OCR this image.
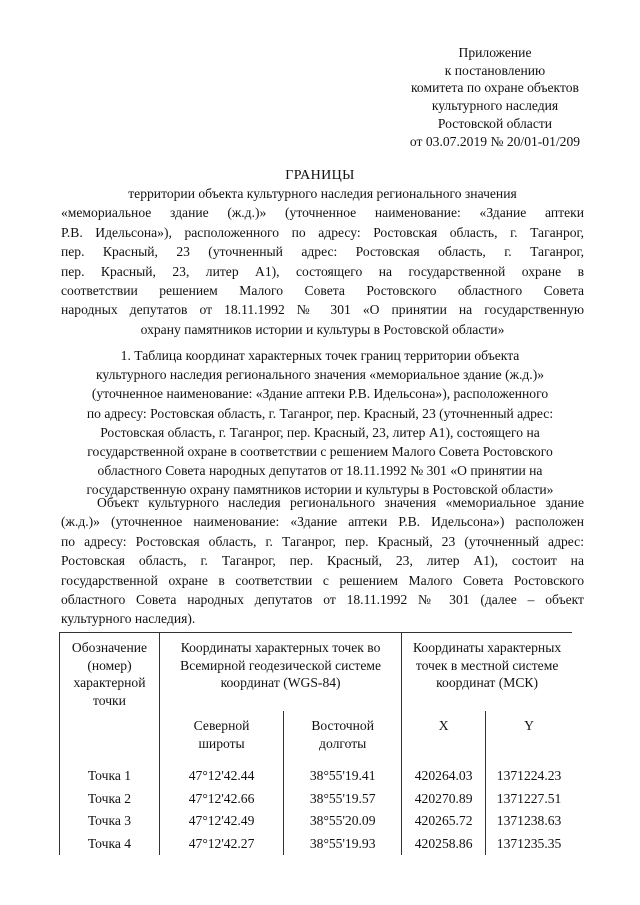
Приложение
к постановлению
комитета по охране объектов
культурного наследия
Ростовской области
от 03.07.2019 № 20/01-01/209
ГРАНИЦЫ
территории объекта культурного наследия регионального значения
«мемориальное здание (ж.д.)» (уточненное наименование: «Здание аптеки
Р.В. Идельсона»), расположенного по адресу: Ростовская область, г. Таганрог,
пер. Красный, 23 (уточненный адрес: Ростовская область, г. Таганрог,
пер. Красный, 23, литер А1), состоящего на государственной охране в
соответствии решением Малого Совета Ростовского областного Совета
народных депутатов от 18.11.1992 № 301 «О принятии на государственную
охрану памятников истории и культуры в Ростовской области»
1. Таблица координат характерных точек границ территории объекта
культурного наследия регионального значения «мемориальное здание (ж.д.)»
(уточненное наименование: «Здание аптеки Р.В. Идельсона»), расположенного
по адресу: Ростовская область, г. Таганрог, пер. Красный, 23 (уточненный адрес:
Ростовская область, г. Таганрог, пер. Красный, 23, литер А1), состоящего на
государственной охране в соответствии с решением Малого Совета Ростовского
областного Совета народных депутатов от 18.11.1992 № 301 «О принятии на
государственную охрану памятников истории и культуры в Ростовской области»
Объект культурного наследия регионального значения «мемориальное здание
(ж.д.)» (уточненное наименование: «Здание аптеки Р.В. Идельсона») расположен
по адресу: Ростовская область, г. Таганрог, пер. Красный, 23 (уточненный адрес:
Ростовская область, г. Таганрог, пер. Красный, 23, литер А1), состоит на
государственной охране в соответствии с решением Малого Совета Ростовского
областного Совета народных депутатов от 18.11.1992 № 301 (далее – объект
культурного наследия).
Обозначение (номер) характерной точки	Координаты характерных точек во Всемирной геодезической системе координат (WGS-84)		Координаты характерных точек в местной системе координат (МСК)	
	Северной широты	Восточной долготы	X	Y
Точка 1	47°12'42.44	38°55'19.41	420264.03	1371224.23
Точка 2	47°12'42.66	38°55'19.57	420270.89	1371227.51
Точка 3	47°12'42.49	38°55'20.09	420265.72	1371238.63
Точка 4	47°12'42.27	38°55'19.93	420258.86	1371235.35
